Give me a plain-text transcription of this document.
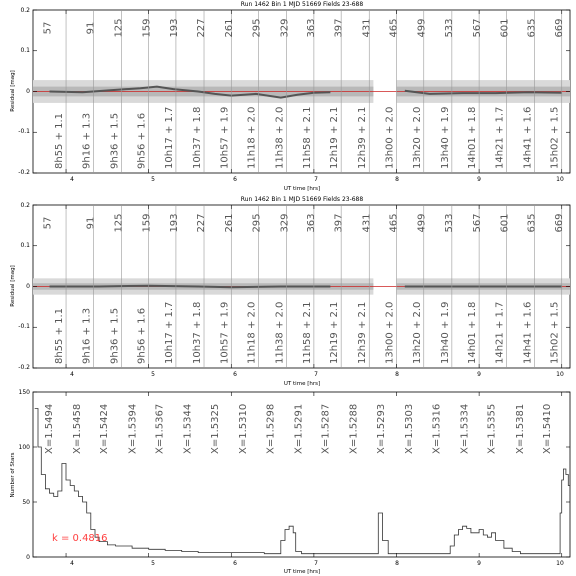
Run 1462 Bin 1 MJD 51669 Fields 23-688
57	91 125 159 193 227 261 295 329 363 397 431 465 499 533 567 601 635 669
8h55 + 1.1 9h16 + 1.3 9h36 + 1.5 9h56 + 1.6 10h17 + 1.7 10h37 + 1.8 10h57 + 1.9 11h18 + 2.0 11h38 + 2.0 11h58 + 2.1 12h19 + 2.1 12h39 + 2.1 13h00 + 2.0 13h20 + 2.0 13h40 + 1.9 14h01 + 1.8 14h21 + 1.7 14h41 + 1.6 15h02 + 1.5
0.2
0.1
0
-0.1
-0.2
Residual [mag]
4	5	6	7	8	9	10
UT time [hrs]
Run 1462 Bin 1 MJD 51669 Fields 23-688
57	91 125 159 193 227 261 295 329 363 397 431 465 499 533 567 601 635 669
8h55 + 1.1 9h16 + 1.3 9h36 + 1.5 9h56 + 1.6 10h17 + 1.7 10h37 + 1.8 10h57 + 1.9 11h18 + 2.0 11h38 + 2.0 11h58 + 2.1 12h19 + 2.1 12h39 + 2.1 13h00 + 2.0 13h20 + 2.0 13h40 + 1.9 14h01 + 1.8 14h21 + 1.7 14h41 + 1.6 15h02 + 1.5
0.2
0.1
0
-0.1
-0.2
Residual [mag]
4	5	6	7	8	9	10
UT time [hrs]
X=1.5494 X=1.5458 X=1.5424 X=1.5394 X=1.5367 X=1.5344 X=1.5325 X=1.5310 X=1.5298 X=1.5291 X=1.5287 X=1.5288 X=1.5293 X=1.5303 X=1.5316 X=1.5334 X=1.5355 X=1.5381 X=1.5410
150
100
50
0
Number of Stars
4	5	6	7	8	9	10
UT time [hrs]
k = 0.4816
